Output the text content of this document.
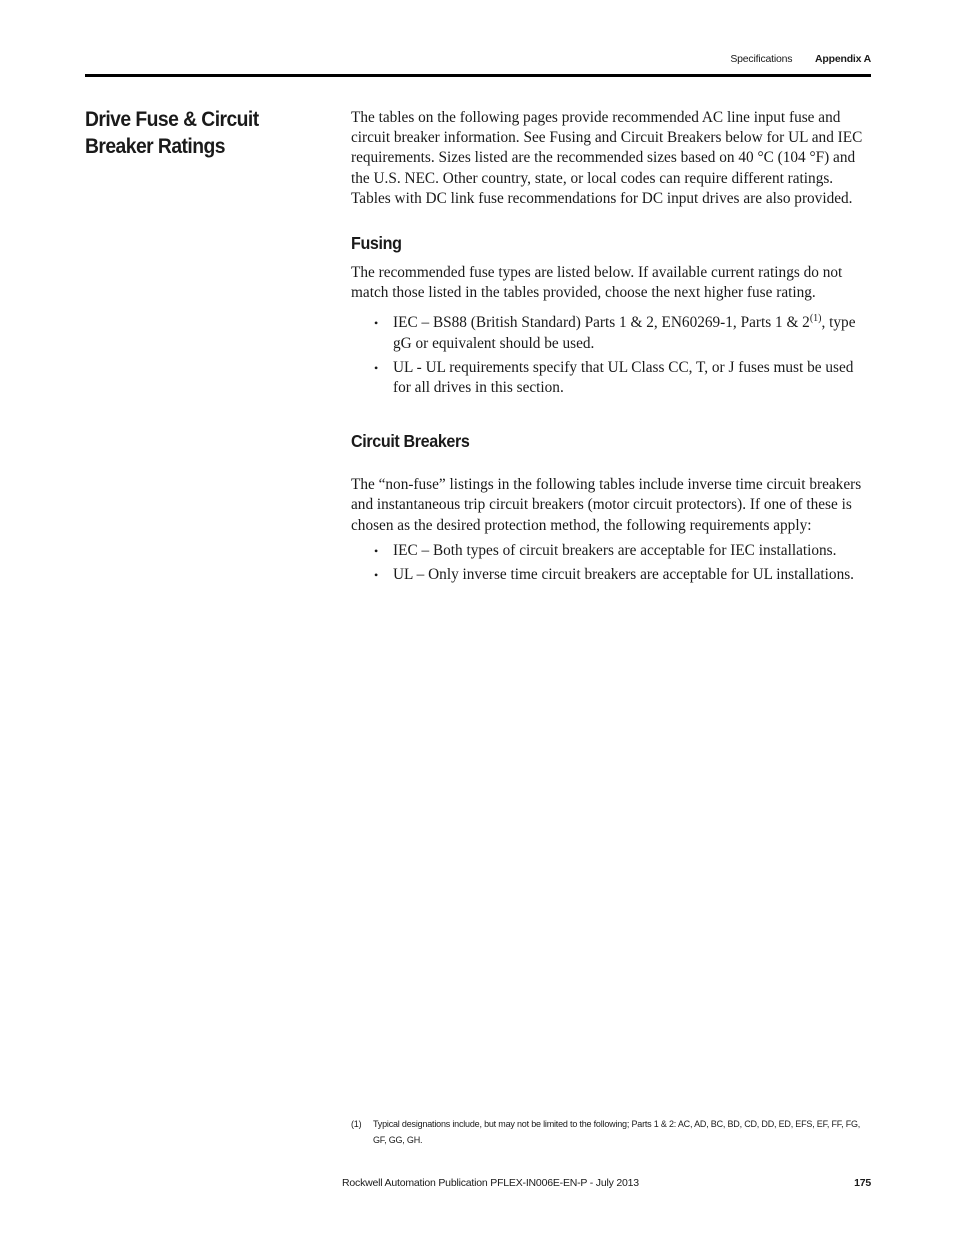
Specifications Appendix A
Drive Fuse & Circuit Breaker Ratings

The tables on the following pages provide recommended AC line input fuse and circuit breaker information. See Fusing and Circuit Breakers below for UL and IEC requirements. Sizes listed are the recommended sizes based on 40 °C (104 °F) and the U.S. NEC. Other country, state, or local codes can require different ratings. Tables with DC link fuse recommendations for DC input drives are also provided.

Fusing

The recommended fuse types are listed below. If available current ratings do not match those listed in the tables provided, choose the next higher fuse rating.

• IEC – BS88 (British Standard) Parts 1 & 2, EN60269-1, Parts 1 & 2$^{(1)}$, type gG or equivalent should be used.
• UL - UL requirements specify that UL Class CC, T, or J fuses must be used for all drives in this section.
Circuit Breakers

The “non-fuse” listings in the following tables include inverse time circuit breakers and instantaneous trip circuit breakers (motor circuit protectors). If one of these is chosen as the desired protection method, the following requirements apply:

• IEC – Both types of circuit breakers are acceptable for IEC installations.
• UL – Only inverse time circuit breakers are acceptable for UL installations.
(1)	Typical designations include, but may not be limited to the following; Parts 1 & 2: AC, AD, BC, BD, CD, DD, ED, EFS, EF, FF, FG, GF, GG, GH.
Rockwell Automation Publication PFLEX-IN006E-EN-P - July 2013	175
